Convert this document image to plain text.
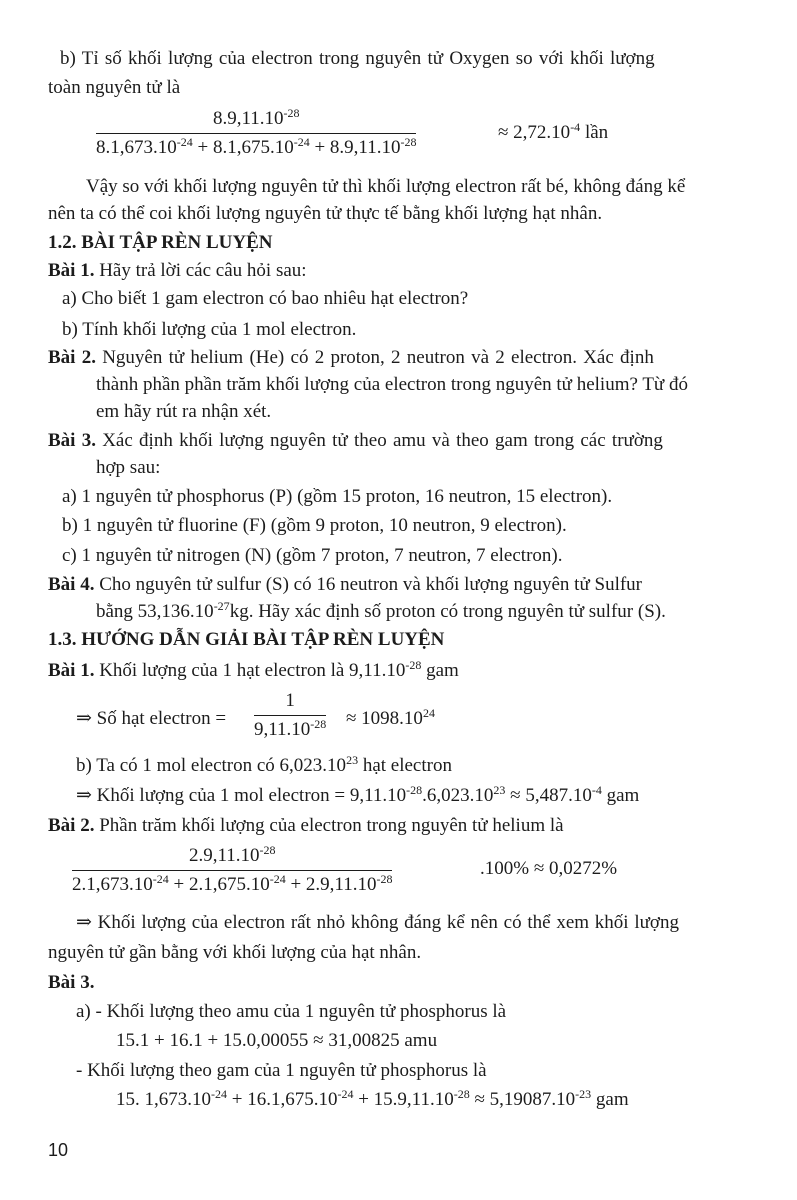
b) Tỉ số khối lượng của electron trong nguyên tử Oxygen so với khối lượng
toàn nguyên tử là
$\frac{8.9,11.10^{-28}}{8.1,673.10^{-24} + 8.1,675.10^{-24} + 8.9,11.10^{-28}}$	≈ $2,72.10^{-4}$ lần
Vậy so với khối lượng nguyên tử thì khối lượng electron rất bé, không đáng kể
nên ta có thể coi khối lượng nguyên tử thực tế bằng khối lượng hạt nhân.
1.2. BÀI TẬP RÈN LUYỆN
Bài 1. Hãy trả lời các câu hỏi sau:
a) Cho biết 1 gam electron có bao nhiêu hạt electron?
b) Tính khối lượng của 1 mol electron.
Bài 2. Nguyên tử helium (He) có 2 proton, 2 neutron và 2 electron. Xác định
thành phần phần trăm khối lượng của electron trong nguyên tử helium? Từ đó
em hãy rút ra nhận xét.
Bài 3. Xác định khối lượng nguyên tử theo amu và theo gam trong các trường
hợp sau:
a) 1 nguyên tử phosphorus (P) (gồm 15 proton, 16 neutron, 15 electron).
b) 1 nguyên tử fluorine (F) (gồm 9 proton, 10 neutron, 9 electron).
c) 1 nguyên tử nitrogen (N) (gồm 7 proton, 7 neutron, 7 electron).
Bài 4. Cho nguyên tử sulfur (S) có 16 neutron và khối lượng nguyên tử Sulfur
bằng $53,136.10^{-27}kg$. Hãy xác định số proton có trong nguyên tử sulfur (S).
1.3. HƯỚNG DẪN GIẢI BÀI TẬP RÈN LUYỆN
Bài 1. Khối lượng của 1 hạt electron là $9,11.10^{-28}$ gam
⇒ Số hạt electron = $\frac{1}{9,11.10^{-28}} \approx 1098.10^{24}$
b) Ta có 1 mol electron có 6,023.10$^{23}$ hạt electron
⇒ Khối lượng của 1 mol electron = $9,11.10^{-28}.6,023.10^{23} \approx 5,487.10^{-4}$ gam
Bài 2. Phần trăm khối lượng của electron trong nguyên tử helium là
$\frac{2.9,11.10^{-28}}{2.1,673.10^{-24} + 2.1,675.10^{-24} + 2.9,11.10^{-28}}$	.100% ≈ 0,0272%
⇒ Khối lượng của electron rất nhỏ không đáng kể nên có thể xem khối lượng
nguyên tử gần bằng với khối lượng của hạt nhân.
Bài 3.
a) - Khối lượng theo amu của 1 nguyên tử phosphorus là
15.1 + 16.1 + 15.0,00055 ≈ 31,00825 amu
- Khối lượng theo gam của 1 nguyên tử phosphorus là
15. $1,673.10^{-24} + 16.1,675.10^{-24} + 15.9,11.10^{-28} \approx 5,19087.10^{-23}$ gam
10
